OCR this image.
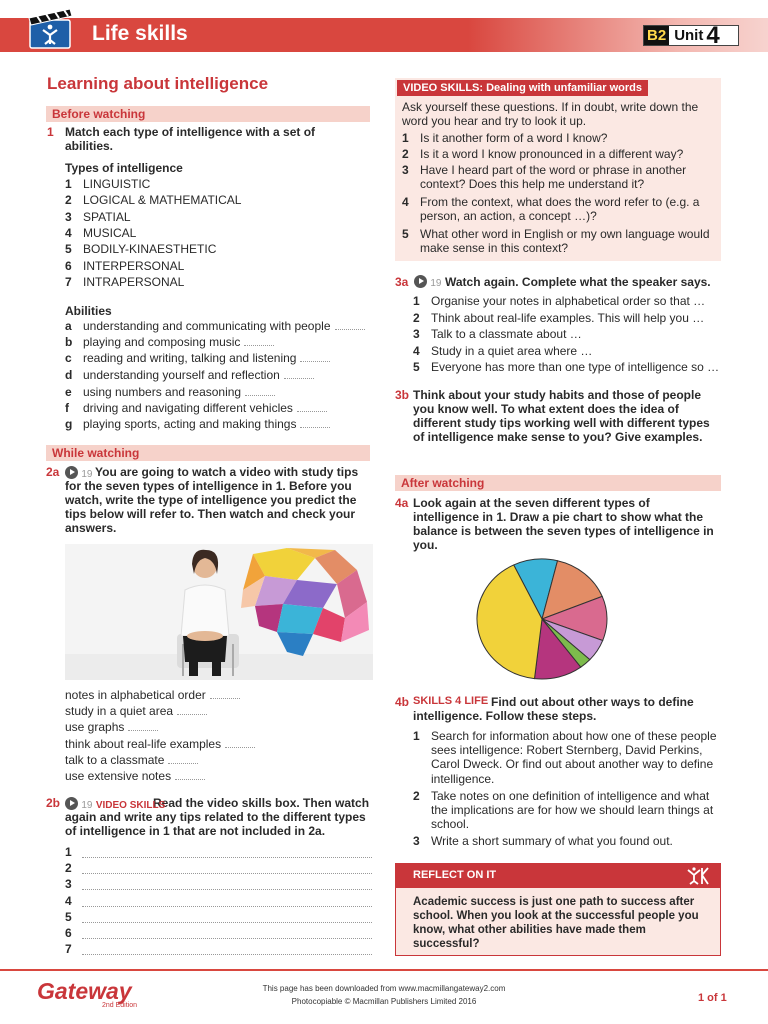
Life skills	B2 Unit 4
Learning about intelligence
Before watching
1 Match each type of intelligence with a set of abilities.
Types of intelligence
1 LINGUISTIC
2 LOGICAL & MATHEMATICAL
3 SPATIAL
4 MUSICAL
5 BODILY-KINAESTHETIC
6 INTERPERSONAL
7 INTRAPERSONAL
Abilities
a understanding and communicating with people
b playing and composing music
c reading and writing, talking and listening
d understanding yourself and reflection
e using numbers and reasoning
f driving and navigating different vehicles
g playing sports, acting and making things
While watching
2a	You are going to watch a video with study tips for the seven types of intelligence in 1. Before you watch, write the type of intelligence you predict the tips below will refer to. Then watch and check your answers.
19
notes in alphabetical order
study in a quiet area
use graphs
think about real-life examples
talk to a classmate
use extensive notes
2b	Read the video skills box. Then watch again and write any tips related to the different types of intelligence in 1 that are not included in 2a.
19 VIDEO SKILLS
1
2
3
4
5
6
7
VIDEO SKILLS: Dealing with unfamiliar words
Ask yourself these questions. If in doubt, write down the word you hear and try to look it up.
1 Is it another form of a word I know?
2 Is it a word I know pronounced in a different way?
3 Have I heard part of the word or phrase in another context? Does this help me understand it?
4 From the context, what does the word refer to (e.g. a person, an action, a concept …)?
5 What other word in English or my own language would make sense in this context?
3a	19 Watch again. Complete what the speaker says.
1 Organise your notes in alphabetical order so that …
2 Think about real-life examples. This will help you …
3 Talk to a classmate about …
4 Study in a quiet area where …
5 Everyone has more than one type of intelligence so …
3b Think about your study habits and those of people you know well. To what extent does the idea of different study tips working well with different types of intelligence make sense to you? Give examples.
After watching
4a Look again at the seven different types of intelligence in 1. Draw a pie chart to show what the balance is between the seven types of intelligence in you.
4b SKILLS 4 LIFE Find out about other ways to define intelligence. Follow these steps.
1 Search for information about how one of these people sees intelligence: Robert Sternberg, David Perkins, Carol Dweck. Or find out about another way to define intelligence.
2 Take notes on one definition of intelligence and what the implications are for how we should learn things at school.
3 Write a short summary of what you found out.
REFLECT ON IT
Academic success is just one path to success after school. When you look at the successful people you know, what other abilities have made them successful?
Gateway
2nd Edition
This page has been downloaded from www.macmillangateway2.com
Photocopiable © Macmillan Publishers Limited 2016	1 of 1
